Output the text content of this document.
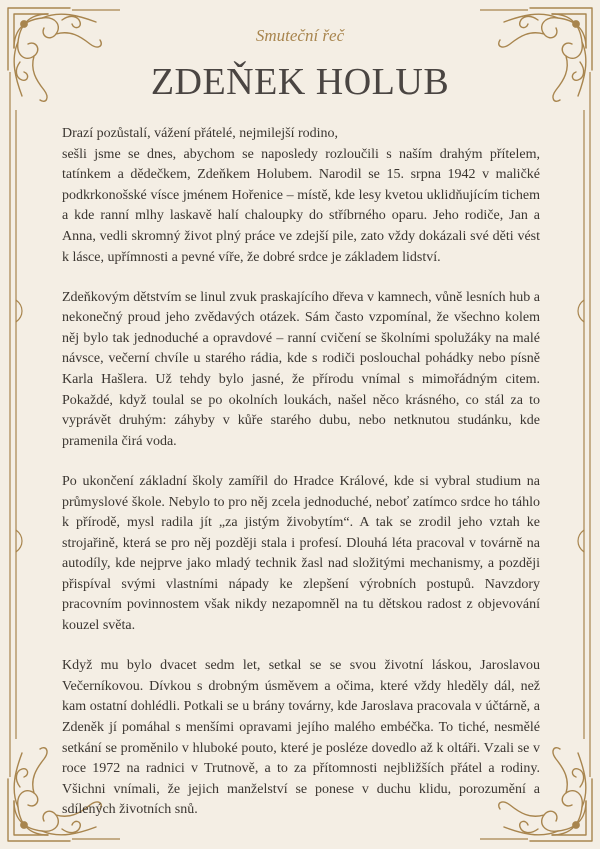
Smuteční řeč
ZDEŇEK HOLUB

Drazí pozůstalí, vážení přátelé, nejmilejší rodino,
sešli jsme se dnes, abychom se naposledy rozloučili s naším drahým přítelem, tatínkem a dědečkem, Zdeňkem Holubem. Narodil se 15. srpna 1942 v maličké podkrkonošské víscе jménem Hořenice – místě, kde lesy kvetou uklidňujícím tichem a kde ranní mlhy laskavě halí chaloupky do stříbrného oparu. Jeho rodiče, Jan a Anna, vedli skromný život plný práce ve zdejší pile, zato vždy dokázali své děti vést k lásce, upřímnosti a pevné víře, že dobré srdce je základem lidství.

Zdeňkovým dětstvím se linul zvuk praskajícího dřeva v kamnech, vůně lesních hub a nekonečný proud jeho zvědavých otázek. Sám často vzpomínal, že všechno kolem něj bylo tak jednoduché a opravdové – ranní cvičení se školními spolužáky na malé návsce, večerní chvíle u starého rádia, kde s rodiči poslouchal pohádky nebo písně Karla Hašlera. Už tehdy bylo jasné, že přírodu vnímal s mimořádným citem. Pokaždé, když toulal se po okolních loukách, našel něco krásného, co stál za to vyprávět druhým: záhyby v kůře starého dubu, nebo netknutou studánku, kde pramenila čirá voda.

Po ukončení základní školy zamířil do Hradce Králové, kde si vybral studium na průmyslové škole. Nebylo to pro něj zcela jednoduché, neboť zatímco srdce ho táhlo k přírodě, mysl radila jít „za jistým živobytím“. A tak se zrodil jeho vztah ke strojařině, která se pro něj později stala i profesí. Dlouhá léta pracoval v továrně na autodíly, kde nejprve jako mladý technik žasl nad složitými mechanismy, a později přispíval svými vlastními nápady ke zlepšení výrobních postupů. Navzdory pracovním povinnostem však nikdy nezapomněl na tu dětskou radost z objevování kouzel světa.

Když mu bylo dvacet sedm let, setkal se se svou životní láskou, Jaroslavou Večerníkovou. Dívkou s drobným úsměvem a očima, které vždy hleděly dál, než kam ostatní dohlédli. Potkali se u brány továrny, kde Jaroslava pracovala v účtárně, a Zdeněk jí pomáhal s menšími opravami jejího malého embéčka. To tiché, nesmělé setkání se proměnilo v hluboké pouto, které je posléze dovedlo až k oltáři. Vzali se v roce 1972 na radnici v Trutnově, a to za přítomnosti nejbližších přátel a rodiny. Všichni vnímali, že jejich manželství se ponese v duchu klidu, porozumění a sdílených životních snů.
